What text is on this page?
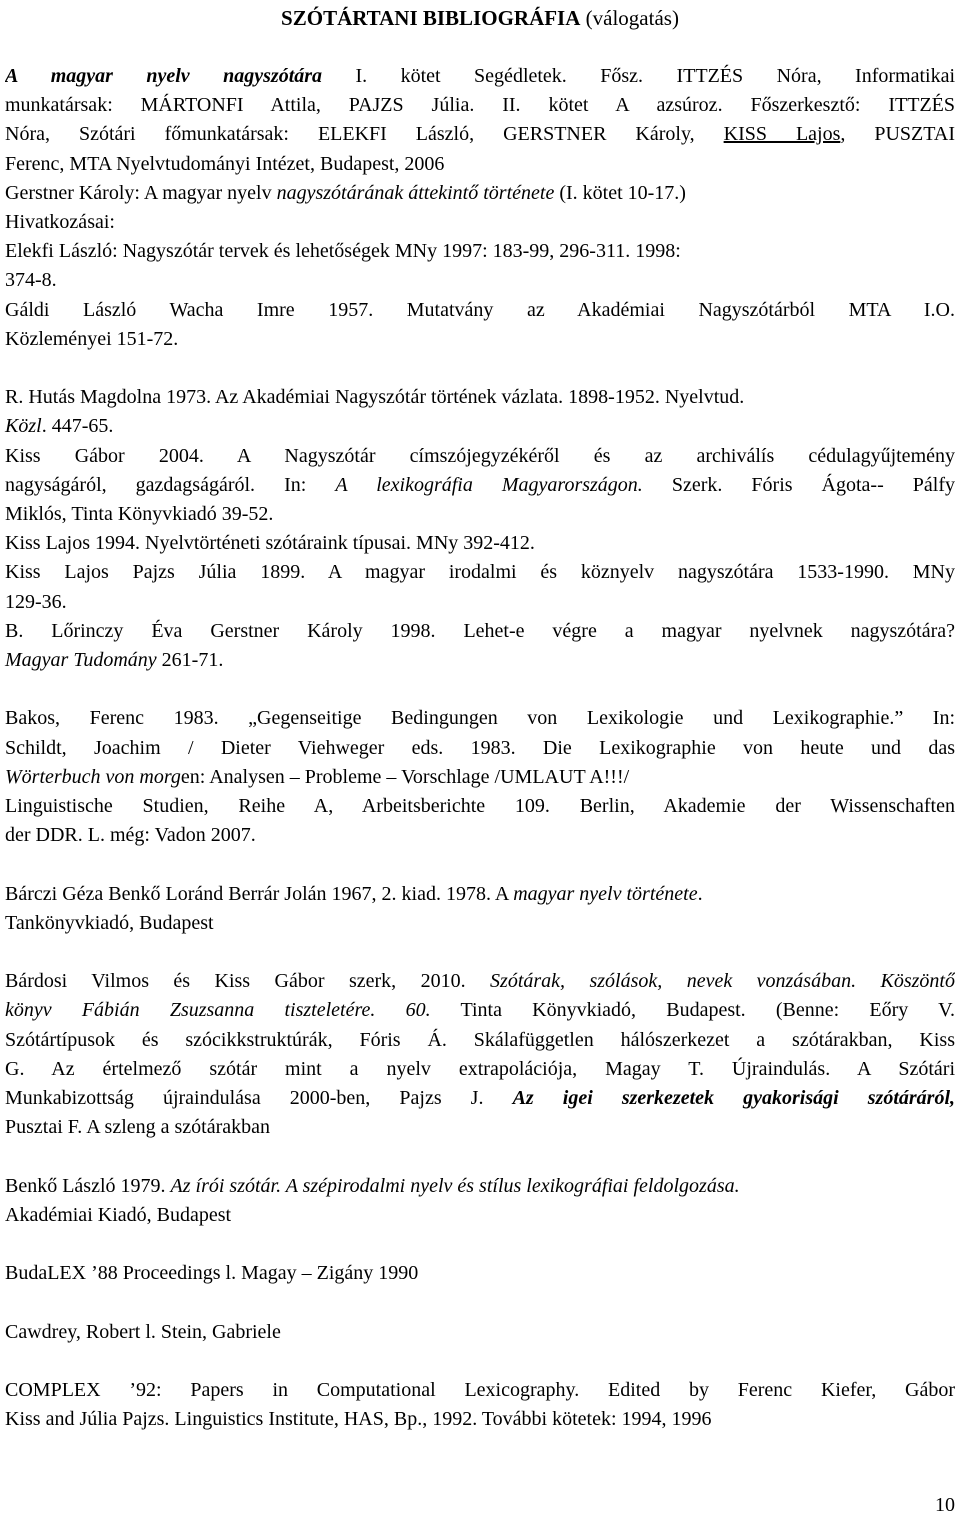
SZÓTÁRTANI BIBLIOGRÁFIA (válogatás)
A magyar nyelv nagyszótára I. kötet Segédletek. Fősz. ITTZÉS Nóra, Informatikai
munkatársak: MÁRTONFI Attila, PAJZS Júlia. II. kötet A azsúroz. Főszerkesztő: ITTZÉS
Nóra, Szótári főmunkatársak: ELEKFI László, GERSTNER Károly, KISS Lajos, PUSZTAI
Ferenc, MTA Nyelvtudományi Intézet, Budapest, 2006
Gerstner Károly: A magyar nyelv nagyszótárának áttekintő története (I. kötet 10-17.)
Hivatkozásai:
Elekfi László: Nagyszótár tervek és lehetőségek MNy 1997: 183-99, 296-311. 1998:
374-8.
Gáldi László Wacha Imre 1957. Mutatvány az Akadémiai Nagyszótárból MTA I.O.
Közleményei 151-72.
R. Hutás Magdolna 1973. Az Akadémiai Nagyszótár történek vázlata. 1898-1952. Nyelvtud.
Közl. 447-65.
Kiss Gábor 2004. A Nagyszótár címszójegyzékéről és az archiválís cédulagyűjtemény
nagyságáról, gazdagságáról. In: A lexikográfia Magyarországon. Szerk. Fóris Ágota-- Pálfy
Miklós, Tinta Könyvkiadó 39-52.
Kiss Lajos 1994. Nyelvtörténeti szótáraink típusai. MNy 392-412.
Kiss Lajos Pajzs Júlia 1899. A magyar irodalmi és köznyelv nagyszótára 1533-1990. MNy
129-36.
B. Lőrinczy Éva Gerstner Károly 1998. Lehet-e végre a magyar nyelvnek nagyszótára?
Magyar Tudomány 261-71.
Bakos, Ferenc 1983. „Gegenseitige Bedingungen von Lexikologie und Lexikographie.” In:
Schildt, Joachim / Dieter Viehweger eds. 1983. Die Lexikographie von heute und das
Wörterbuch von morgen: Analysen – Probleme – Vorschlage /UMLAUT A!!!/
Linguistische Studien, Reihe A, Arbeitsberichte 109. Berlin, Akademie der Wissenschaften
der DDR. L. még: Vadon 2007.
Bárczi Géza Benkő Loránd Berrár Jolán 1967, 2. kiad. 1978. A magyar nyelv története.
Tankönyvkiadó, Budapest
Bárdosi Vilmos és Kiss Gábor szerk, 2010. Szótárak, szólások, nevek vonzásában. Köszöntő
könyv Fábián Zsuzsanna tiszteletére. 60. Tinta Könyvkiadó, Budapest. (Benne: Eőry V.
Szótártípusok és szócikkstruktúrák, Fóris Á. Skálafüggetlen hálószerkezet a szótárakban, Kiss
G. Az értelmező szótár mint a nyelv extrapolációja, Magay T. Újraindulás. A Szótári
Munkabizottság újraindulása 2000-ben, Pajzs J. Az igei szerkezetek gyakorisági szótáráról,
Pusztai F. A szleng a szótárakban
Benkő László 1979. Az írói szótár. A szépirodalmi nyelv és stílus lexikográfiai feldolgozása.
Akadémiai Kiadó, Budapest
BudaLEX ’88 Proceedings l. Magay – Zigány 1990
Cawdrey, Robert l. Stein, Gabriele
COMPLEX ’92: Papers in Computational Lexicography. Edited by Ferenc Kiefer, Gábor
Kiss and Júlia Pajzs. Linguistics Institute, HAS, Bp., 1992. További kötetek: 1994, 1996
10
